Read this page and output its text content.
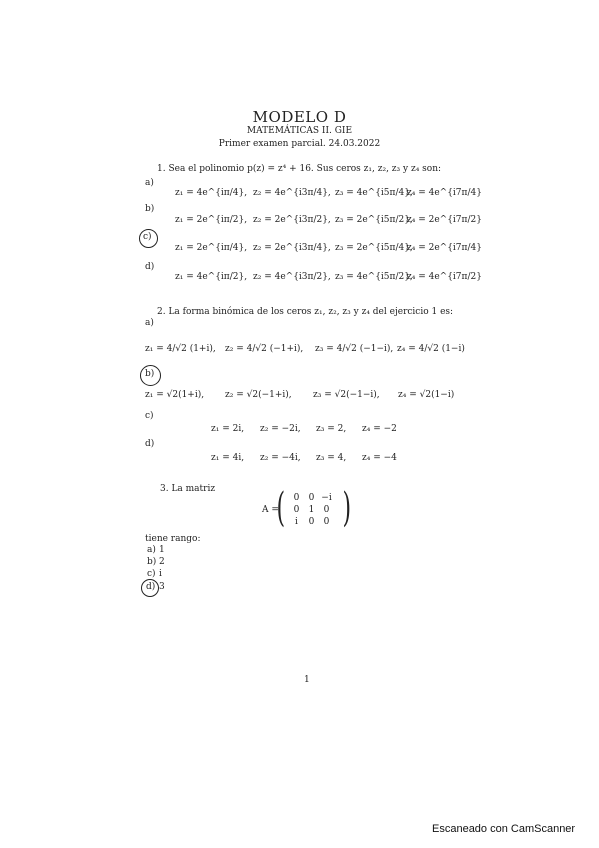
MODELO D
MATEMÁTICAS II. GIE
Primer examen parcial. 24.03.2022
1. Sea el polinomio p(z) = z⁴ + 16. Sus ceros z₁, z₂, z₃ y z₄ son:
a)
z₁ = 4e^{iπ/4}, z₂ = 4e^{i3π/4}, z₃ = 4e^{i5π/4},
z₄ = 4e^{i7π/4}
b)
z₁ = 2e^{iπ/2}, z₂ = 2e^{i3π/2}, z₃ = 2e^{i5π/2},
z₄ = 2e^{i7π/2}
c)
z₁ = 2e^{iπ/4}, z₂ = 2e^{i3π/4}, z₃ = 2e^{i5π/4},
z₄ = 2e^{i7π/4}
d)
z₁ = 4e^{iπ/2}, z₂ = 4e^{i3π/2}, z₃ = 4e^{i5π/2},
z₄ = 4e^{i7π/2}
2. La forma binómica de los ceros z₁, z₂, z₃ y z₄ del ejercicio 1 es:
a)
z₁ = 4/√2 (1+i), z₂ = 4/√2 (−1+i), z₃ = 4/√2 (−1−i), z₄ = 4/√2 (1−i)
b)
z₁ = √2(1+i), z₂ = √2(−1+i), z₃ = √2(−1−i), z₄ = √2(1−i)
c)
z₁ = 2i, z₂ = −2i, z₃ = 2, z₄ = −2
d)
z₁ = 4i, z₂ = −4i, z₃ = 4, z₄ = −4
3. La matriz
A =
( 0	0	−i
0	1	0
i	0	0 )
tiene rango:
a) 1
b) 2
c) i
d) 3
1
Escaneado con CamScanner
